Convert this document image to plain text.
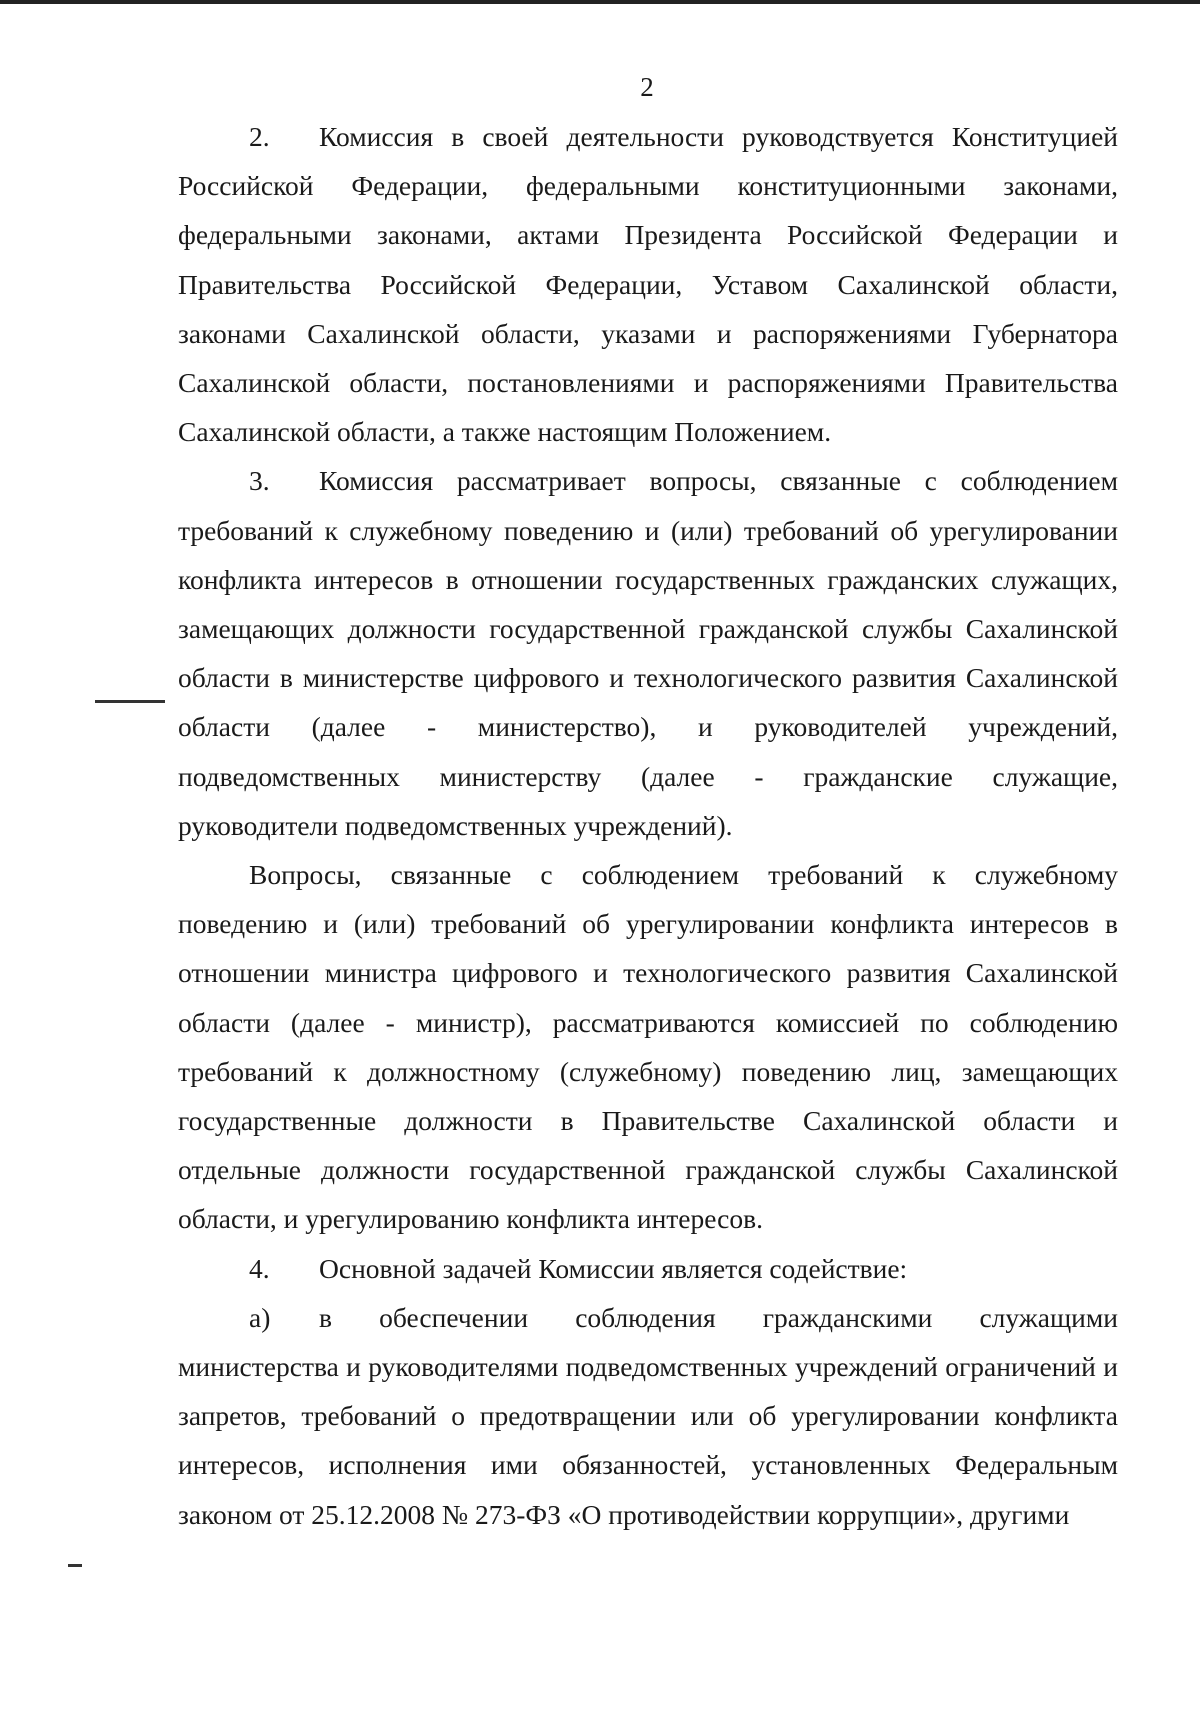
2

2. Комиссия в своей деятельности руководствуется Конституцией Российской Федерации, федеральными конституционными законами, федеральными законами, актами Президента Российской Федерации и Правительства Российской Федерации, Уставом Сахалинской области, законами Сахалинской области, указами и распоряжениями Губернатора Сахалинской области, постановлениями и распоряжениями Правительства Сахалинской области, а также настоящим Положением.

3. Комиссия рассматривает вопросы, связанные с соблюдением требований к служебному поведению и (или) требований об урегулировании конфликта интересов в отношении государственных гражданских служащих, замещающих должности государственной гражданской службы Сахалинской области в министерстве цифрового и технологического развития Сахалинской области (далее - министерство), и руководителей учреждений, подведомственных министерству (далее - гражданские служащие, руководители подведомственных учреждений).

Вопросы, связанные с соблюдением требований к служебному поведению и (или) требований об урегулировании конфликта интересов в отношении министра цифрового и технологического развития Сахалинской области (далее - министр), рассматриваются комиссией по соблюдению требований к должностному (служебному) поведению лиц, замещающих государственные должности в Правительстве Сахалинской области и отдельные должности государственной гражданской службы Сахалинской области, и урегулированию конфликта интересов.

4. Основной задачей Комиссии является содействие:

а) в обеспечении соблюдения гражданскими служащими министерства и руководителями подведомственных учреждений ограничений и запретов, требований о предотвращении или об урегулировании конфликта интересов, исполнения ими обязанностей, установленных Федеральным законом от 25.12.2008 № 273-ФЗ «О противодействии коррупции», другими
